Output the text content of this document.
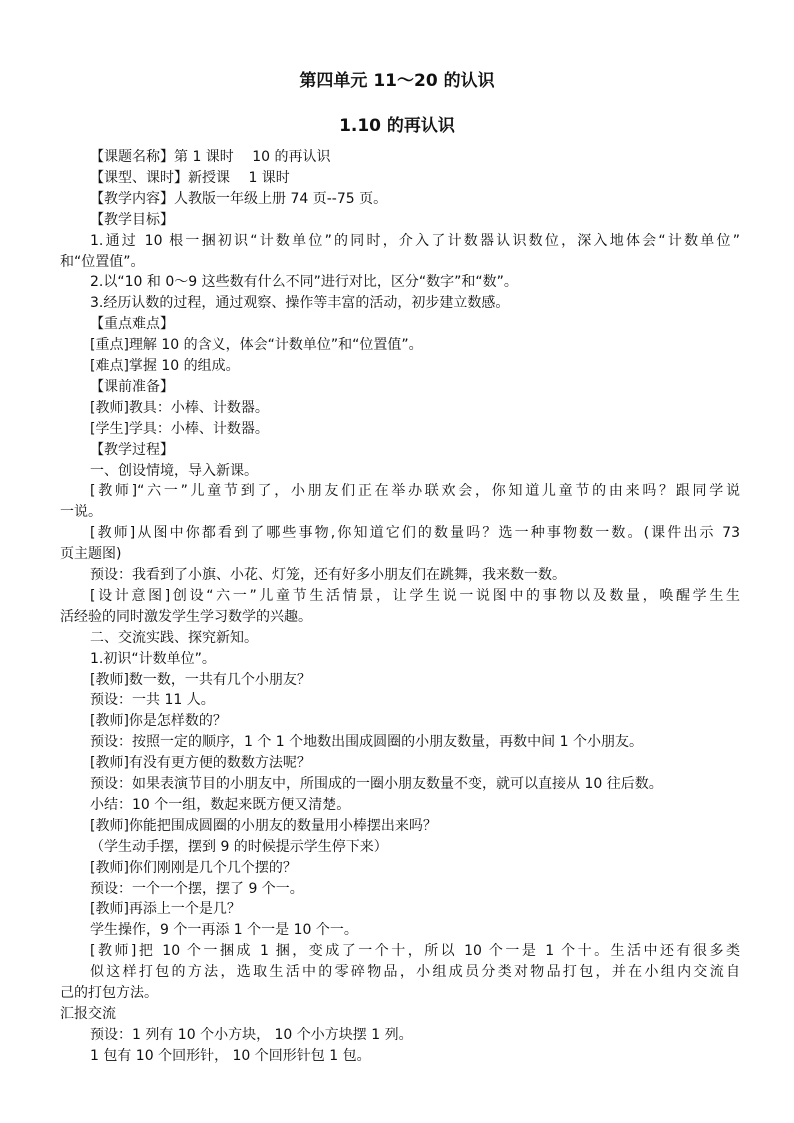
第四单元 11～20 的认识
1.10 的再认识

【课题名称】第 1 课时　 10 的再认识

【课型、课时】新授课　 1 课时

【教学内容】人教版一年级上册 74 页--75 页。

【教学目标】

1.通过 10 根一捆初识“计数单位”的同时，介入了计数器认识数位，深入地体会“计数单位”

和“位置值”。

2.以“10 和 0～9 这些数有什么不同”进行对比，区分“数字”和“数”。

3.经历认数的过程，通过观察、操作等丰富的活动，初步建立数感。

【重点难点】

[重点]理解 10 的含义，体会“计数单位”和“位置值”。

[难点]掌握 10 的组成。

【课前准备】

[教师]教具：小棒、计数器。

[学生]学具：小棒、计数器。

【教学过程】

一、创设情境，导入新课。

[教师]“六一”儿童节到了，小朋友们正在举办联欢会，你知道儿童节的由来吗？跟同学说

一说。

[教师]从图中你都看到了哪些事物,你知道它们的数量吗？选一种事物数一数。(课件出示 73

页主题图)

预设：我看到了小旗、小花、灯笼，还有好多小朋友们在跳舞，我来数一数。

[设计意图]创设“六一”儿童节生活情景，让学生说一说图中的事物以及数量，唤醒学生生

活经验的同时激发学生学习数学的兴趣。

二、交流实践、探究新知。

1.初识“计数单位”。

[教师]数一数，一共有几个小朋友？

预设：一共 11 人。

[教师]你是怎样数的？

预设：按照一定的顺序，1 个 1 个地数出围成圆圈的小朋友数量，再数中间 1 个小朋友。

[教师]有没有更方便的数数方法呢？

预设：如果表演节目的小朋友中，所围成的一圈小朋友数量不变，就可以直接从 10 往后数。

小结：10 个一组，数起来既方便又清楚。

[教师]你能把围成圆圈的小朋友的数量用小棒摆出来吗？

（学生动手摆，摆到 9 的时候提示学生停下来）

[教师]你们刚刚是几个几个摆的？

预设：一个一个摆，摆了 9 个一。

[教师]再添上一个是几？

学生操作，9 个一再添 1 个一是 10 个一。

[教师]把 10 个一捆成 1 捆，变成了一个十，所以 10 个一是 1 个十。生活中还有很多类

似这样打包的方法，选取生活中的零碎物品，小组成员分类对物品打包，并在小组内交流自

己的打包方法。

汇报交流

预设：1 列有 10 个小方块， 10 个小方块摆 1 列。

1 包有 10 个回形针， 10 个回形针包 1 包。
